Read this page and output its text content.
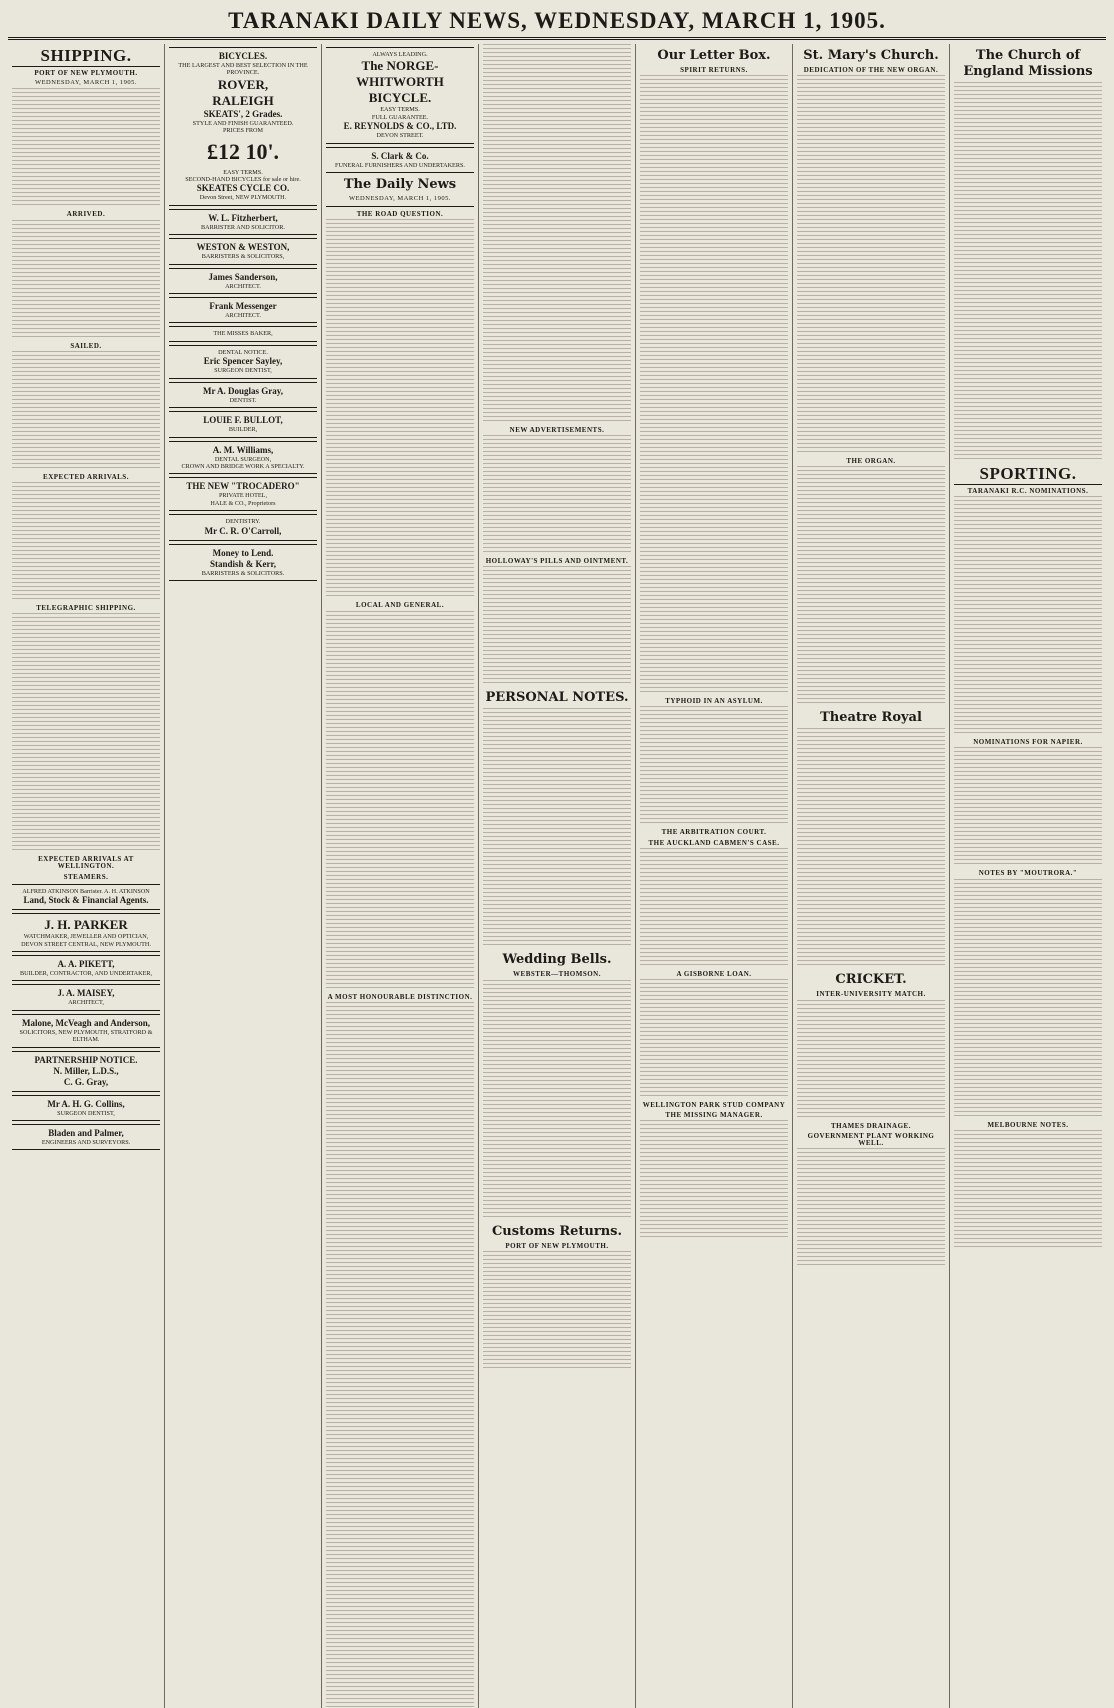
TARANAKI DAILY NEWS, WEDNESDAY, MARCH 1, 1905.
SHIPPING.
PORT OF NEW PLYMOUTH.
WEDNESDAY, MARCH 1, 1905.
ARRIVED.
SAILED.
EXPECTED ARRIVALS.
TELEGRAPHIC SHIPPING.
EXPECTED ARRIVALS AT WELLINGTON.
STEAMERS.
ALFRED ATKINSON Barrister. A. H. ATKINSON
Land, Stock & Financial Agents.
J. H. PARKER
WATCHMAKER, JEWELLER AND OPTICIAN,
DEVON STREET CENTRAL, NEW PLYMOUTH.
A. A. PIKETT,
BUILDER, CONTRACTOR, AND UNDERTAKER,
J. A. MAISEY,
ARCHITECT,
Malone, McVeagh and Anderson,
SOLICITORS, NEW PLYMOUTH, STRATFORD & ELTHAM.
PARTNERSHIP NOTICE.
N. Miller, L.D.S.,
C. G. Gray,
Mr A. H. G. Collins,
SURGEON DENTIST,
Bladen and Palmer,
ENGINEERS AND SURVEYORS.
BICYCLES.
THE LARGEST AND BEST SELECTION IN THE PROVINCE.
ROVER,
RALEIGH
SKEATS', 2 Grades.
STYLE AND FINISH GUARANTEED.
PRICES FROM
£12 10'.
EASY TERMS.
SECOND-HAND BICYCLES for sale or hire.
SKEATES CYCLE CO.
Devon Street, NEW PLYMOUTH.
W. L. Fitzherbert,
BARRISTER AND SOLICITOR.
WESTON & WESTON,
BARRISTERS & SOLICITORS,
James Sanderson,
ARCHITECT.
Frank Messenger
ARCHITECT.
THE MISSES BAKER,
DENTAL NOTICE.
Eric Spencer Sayley,
SURGEON DENTIST,
Mr A. Douglas Gray,
DENTIST.
LOUIE F. BULLOT,
BUILDER,
A. M. Williams,
DENTAL SURGEON,
CROWN AND BRIDGE WORK A SPECIALTY.
THE NEW "TROCADERO"
PRIVATE HOTEL,
HALE & CO., Proprietors
DENTISTRY.
Mr C. R. O'Carroll,
Money to Lend.
Standish & Kerr,
BARRISTERS & SOLICITORS.
ALWAYS LEADING.
The NORGE-WHITWORTH BICYCLE.
EASY TERMS.
FULL GUARANTEE.
E. REYNOLDS & CO., LTD.
DEVON STREET.
S. Clark & Co.
FUNERAL FURNISHERS AND UNDERTAKERS.
The Daily News
WEDNESDAY, MARCH 1, 1905.
THE ROAD QUESTION.
LOCAL AND GENERAL.
A MOST HONOURABLE DISTINCTION.
NEW ADVERTISEMENTS.
HOLLOWAY'S PILLS AND OINTMENT.
PERSONAL NOTES.
Wedding Bells.
WEBSTER—THOMSON.
Customs Returns.
PORT OF NEW PLYMOUTH.
Our Letter Box.
SPIRIT RETURNS.
TYPHOID IN AN ASYLUM.
THE ARBITRATION COURT.
THE AUCKLAND CABMEN'S CASE.
A GISBORNE LOAN.
WELLINGTON PARK STUD COMPANY
THE MISSING MANAGER.
St. Mary's Church.
DEDICATION OF THE NEW ORGAN.
THE ORGAN.
Theatre Royal
CRICKET.
INTER-UNIVERSITY MATCH.
THAMES DRAINAGE.
GOVERNMENT PLANT WORKING WELL.
The Church of England Missions
SPORTING.
TARANAKI R.C. NOMINATIONS.
NOMINATIONS FOR NAPIER.
NOTES BY "MOUTRORA."
MELBOURNE NOTES.
